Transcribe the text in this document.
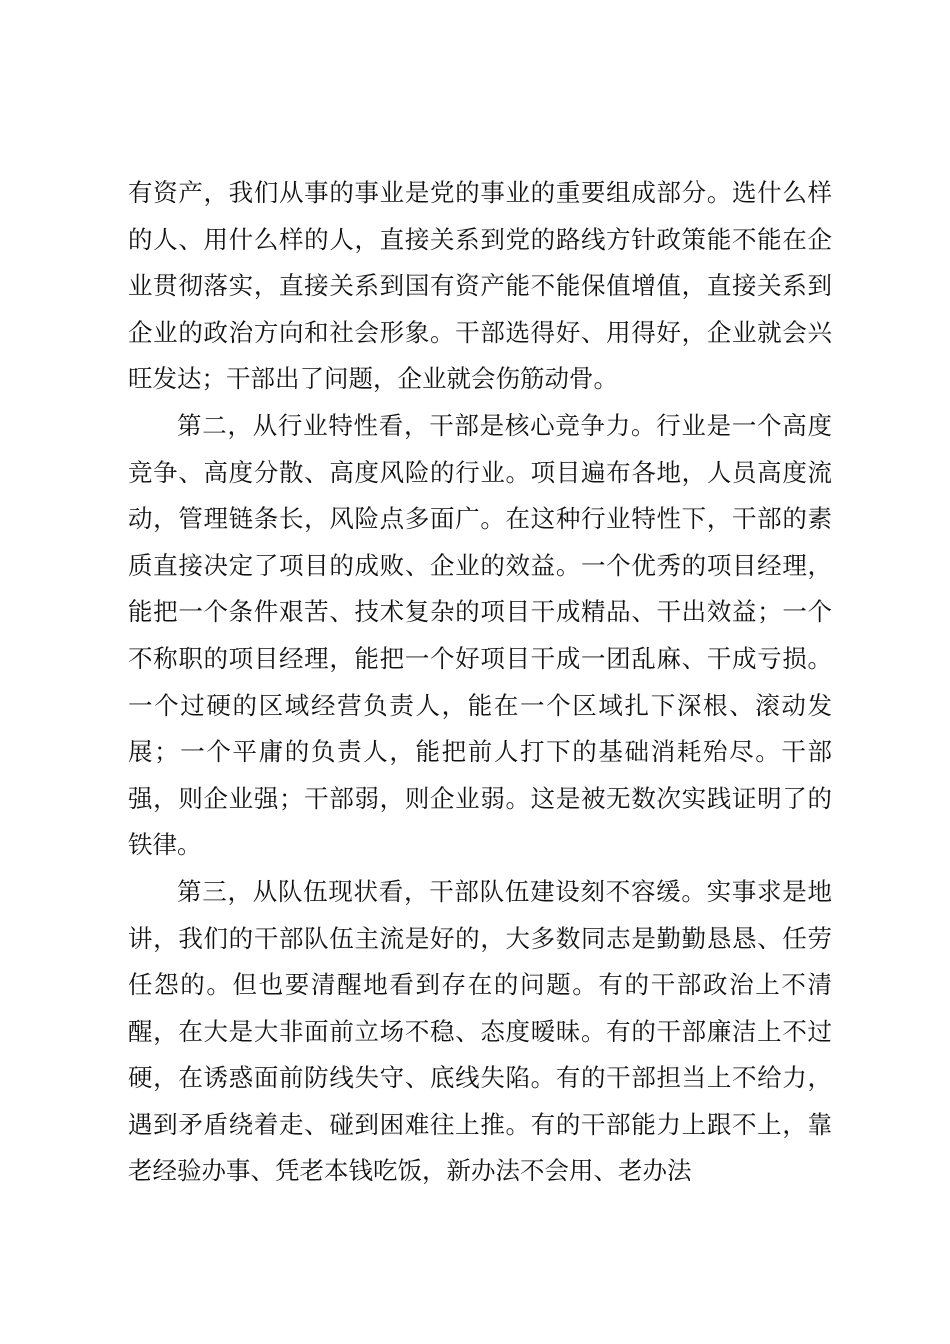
有资产，我们从事的事业是党的事业的重要组成部分。选什么样的人、用什么样的人，直接关系到党的路线方针政策能不能在企业贯彻落实，直接关系到国有资产能不能保值增值，直接关系到企业的政治方向和社会形象。干部选得好、用得好，企业就会兴旺发达；干部出了问题，企业就会伤筋动骨。

第二，从行业特性看，干部是核心竞争力。行业是一个高度竞争、高度分散、高度风险的行业。项目遍布各地，人员高度流动，管理链条长，风险点多面广。在这种行业特性下，干部的素质直接决定了项目的成败、企业的效益。一个优秀的项目经理，能把一个条件艰苦、技术复杂的项目干成精品、干出效益；一个不称职的项目经理，能把一个好项目干成一团乱麻、干成亏损。一个过硬的区域经营负责人，能在一个区域扎下深根、滚动发展；一个平庸的负责人，能把前人打下的基础消耗殆尽。干部强，则企业强；干部弱，则企业弱。这是被无数次实践证明了的铁律。

第三，从队伍现状看，干部队伍建设刻不容缓。实事求是地讲，我们的干部队伍主流是好的，大多数同志是勤勤恳恳、任劳任怨的。但也要清醒地看到存在的问题。有的干部政治上不清醒，在大是大非面前立场不稳、态度暧昧。有的干部廉洁上不过硬，在诱惑面前防线失守、底线失陷。有的干部担当上不给力，遇到矛盾绕着走、碰到困难往上推。有的干部能力上跟不上，靠老经验办事、凭老本钱吃饭，新办法不会用、老办法
